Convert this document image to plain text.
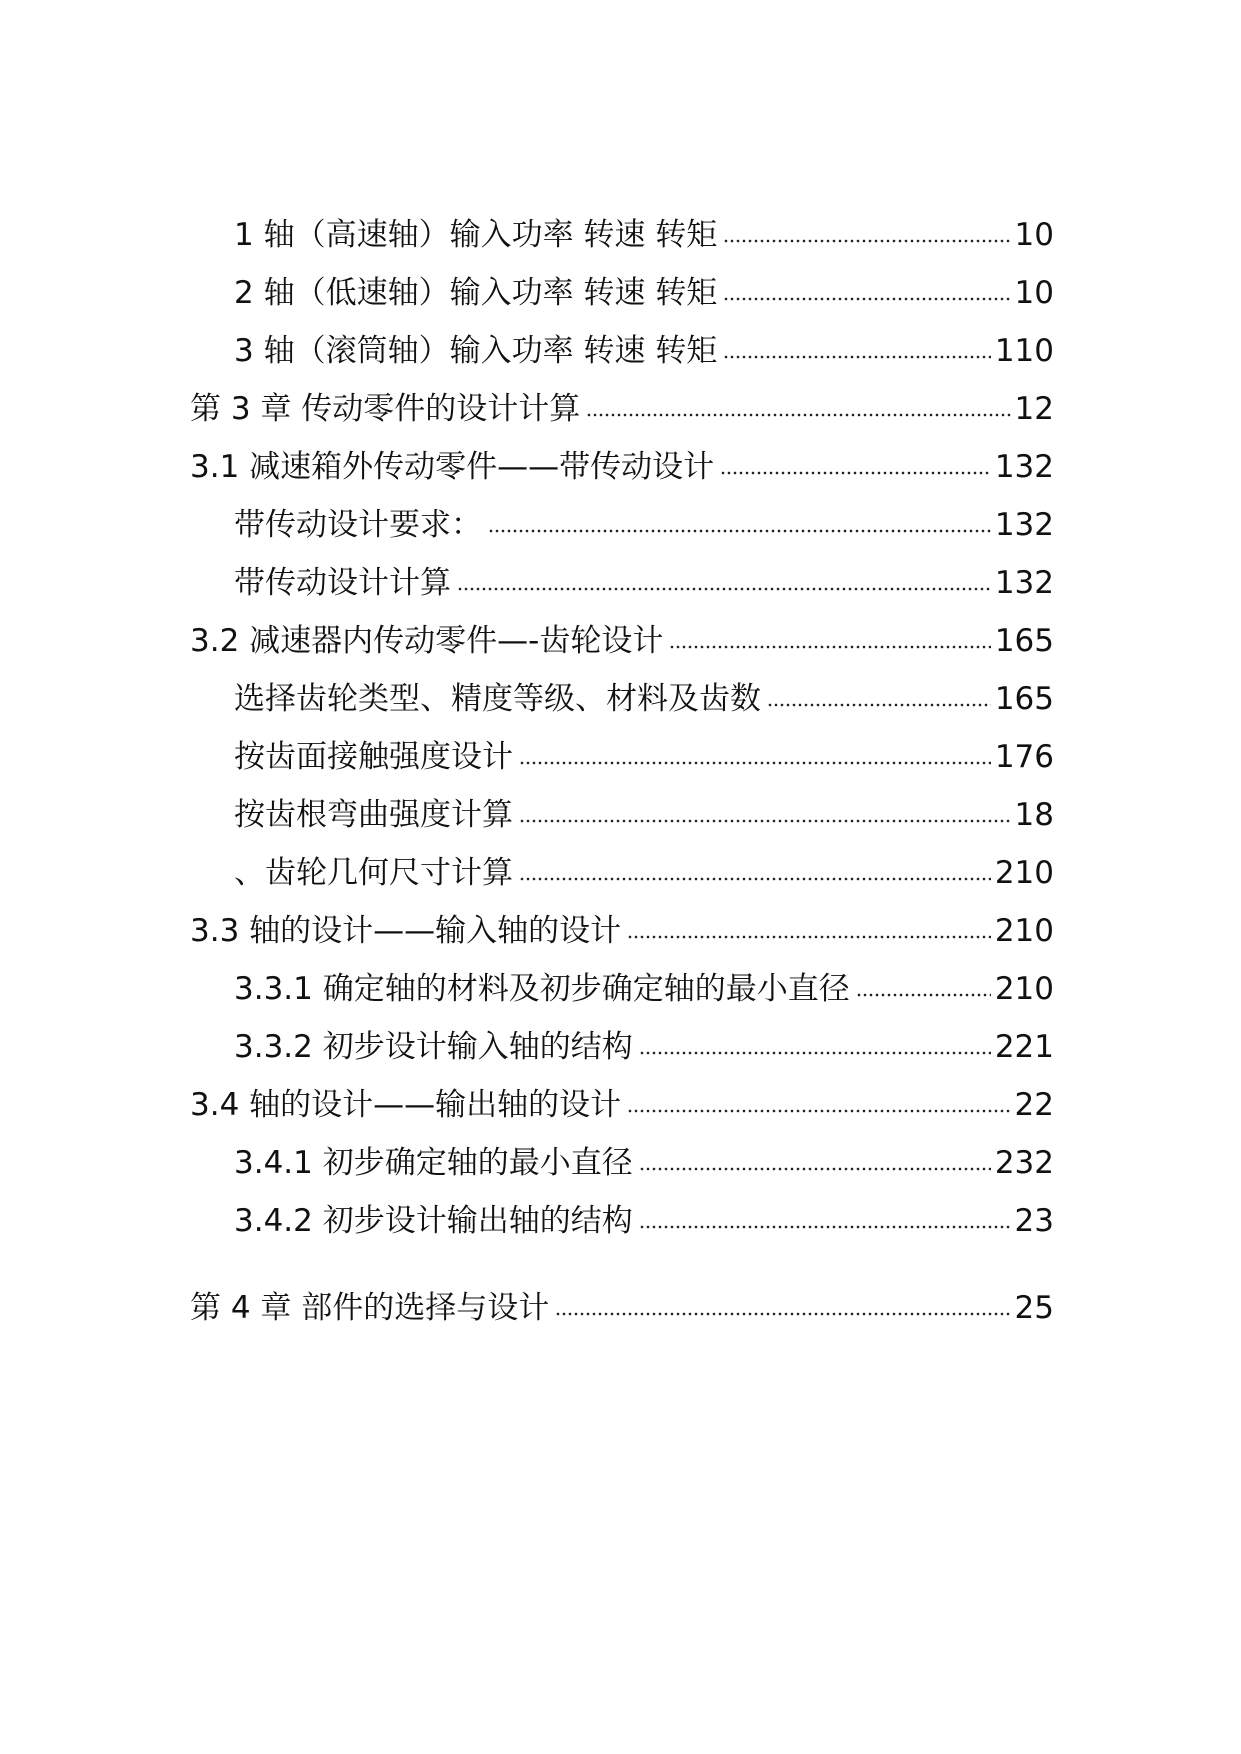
1 轴（高速轴）输入功率 转速 转矩	10
2 轴（低速轴）输入功率 转速 转矩	10
3 轴（滚筒轴）输入功率 转速 转矩	110
第 3 章 传动零件的设计计算	12
3.1 减速箱外传动零件——带传动设计	132
带传动设计要求：	132
带传动设计计算	132
3.2 减速器内传动零件—-齿轮设计	165
选择齿轮类型、精度等级、材料及齿数	165
按齿面接触强度设计	176
按齿根弯曲强度计算	18
、齿轮几何尺寸计算	210
3.3 轴的设计——输入轴的设计	210
3.3.1 确定轴的材料及初步确定轴的最小直径	210
3.3.2 初步设计输入轴的结构	221
3.4 轴的设计——输出轴的设计	22
3.4.1 初步确定轴的最小直径	232
3.4.2 初步设计输出轴的结构	23
第 4 章 部件的选择与设计	25
